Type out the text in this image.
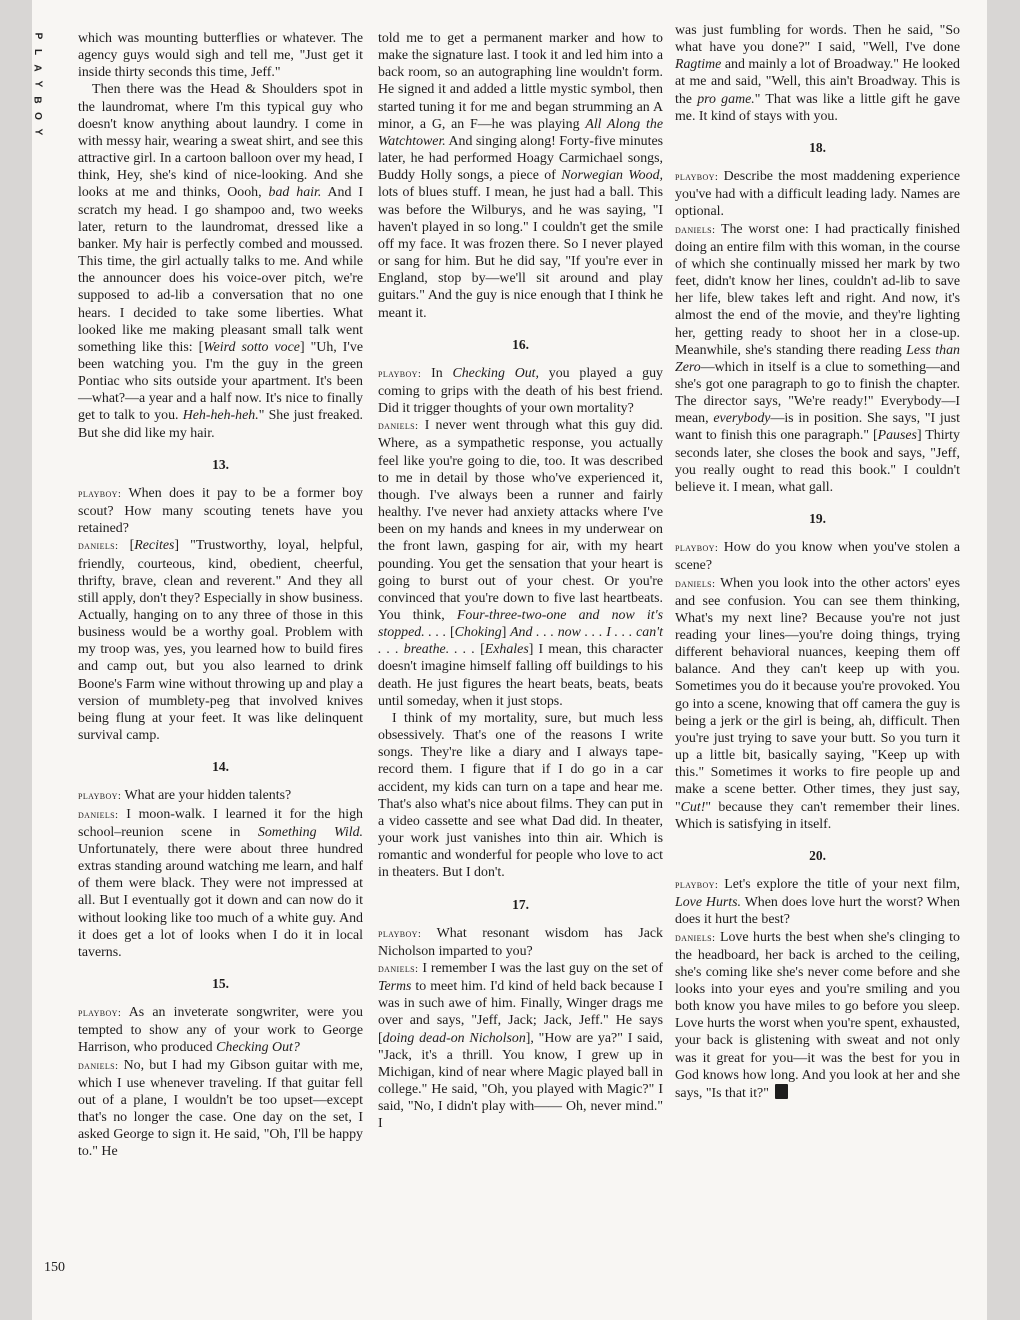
P
L
A
Y
B
O
Y
150

which was mounting butterflies or whatever. The agency guys would sigh and tell me, "Just get it inside thirty seconds this time, Jeff."

Then there was the Head & Shoulders spot in the laundromat, where I'm this typical guy who doesn't know anything about laundry. I come in with messy hair, wearing a sweat shirt, and see this attractive girl. In a cartoon balloon over my head, I think, Hey, she's kind of nice-looking. And she looks at me and thinks, Oooh, bad hair. And I scratch my head. I go shampoo and, two weeks later, return to the laundromat, dressed like a banker. My hair is perfectly combed and moussed. This time, the girl actually talks to me. And while the announcer does his voice-over pitch, we're supposed to ad-lib a conversation that no one hears. I decided to take some liberties. What looked like me making pleasant small talk went something like this: [Weird sotto voce] "Uh, I've been watching you. I'm the guy in the green Pontiac who sits outside your apartment. It's been—what?—a year and a half now. It's nice to finally get to talk to you. Heh-heh-heh." She just freaked. But she did like my hair.

13.

playboy: When does it pay to be a former boy scout? How many scouting tenets have you retained?

daniels: [Recites] "Trustworthy, loyal, helpful, friendly, courteous, kind, obedient, cheerful, thrifty, brave, clean and reverent." And they all still apply, don't they? Especially in show business. Actually, hanging on to any three of those in this business would be a worthy goal. Problem with my troop was, yes, you learned how to build fires and camp out, but you also learned to drink Boone's Farm wine without throwing up and play a version of mumblety-peg that involved knives being flung at your feet. It was like delinquent survival camp.

14.

playboy: What are your hidden talents?

daniels: I moon-walk. I learned it for the high school–reunion scene in Something Wild. Unfortunately, there were about three hundred extras standing around watching me learn, and half of them were black. They were not impressed at all. But I eventually got it down and can now do it without looking like too much of a white guy. And it does get a lot of looks when I do it in local taverns.

15.

playboy: As an inveterate songwriter, were you tempted to show any of your work to George Harrison, who produced Checking Out?

daniels: No, but I had my Gibson guitar with me, which I use whenever traveling. If that guitar fell out of a plane, I wouldn't be too upset—except that's no longer the case. One day on the set, I asked George to sign it. He said, "Oh, I'll be happy to." He

told me to get a permanent marker and how to make the signature last. I took it and led him into a back room, so an autographing line wouldn't form. He signed it and added a little mystic symbol, then started tuning it for me and began strumming an A minor, a G, an F—he was playing All Along the Watchtower. And singing along! Forty-five minutes later, he had performed Hoagy Carmichael songs, Buddy Holly songs, a piece of Norwegian Wood, lots of blues stuff. I mean, he just had a ball. This was before the Wilburys, and he was saying, "I haven't played in so long." I couldn't get the smile off my face. It was frozen there. So I never played or sang for him. But he did say, "If you're ever in England, stop by—we'll sit around and play guitars." And the guy is nice enough that I think he meant it.

16.

playboy: In Checking Out, you played a guy coming to grips with the death of his best friend. Did it trigger thoughts of your own mortality?

daniels: I never went through what this guy did. Where, as a sympathetic response, you actually feel like you're going to die, too. It was described to me in detail by those who've experienced it, though. I've always been a runner and fairly healthy. I've never had anxiety attacks where I've been on my hands and knees in my underwear on the front lawn, gasping for air, with my heart pounding. You get the sensation that your heart is going to burst out of your chest. Or you're convinced that you're down to five last heartbeats. You think, Four-three-two-one and now it's stopped. . . . [Choking] And . . . now . . . I . . . can't . . . breathe. . . . [Exhales] I mean, this character doesn't imagine himself falling off buildings to his death. He just figures the heart beats, beats, beats until someday, when it just stops.

I think of my mortality, sure, but much less obsessively. That's one of the reasons I write songs. They're like a diary and I always tape-record them. I figure that if I do go in a car accident, my kids can turn on a tape and hear me. That's also what's nice about films. They can put in a video cassette and see what Dad did. In theater, your work just vanishes into thin air. Which is romantic and wonderful for people who love to act in theaters. But I don't.

17.

playboy: What resonant wisdom has Jack Nicholson imparted to you?

daniels: I remember I was the last guy on the set of Terms to meet him. I'd kind of held back because I was in such awe of him. Finally, Winger drags me over and says, "Jeff, Jack; Jack, Jeff." He says [doing dead-on Nicholson], "How are ya?" I said, "Jack, it's a thrill. You know, I grew up in Michigan, kind of near where Magic played ball in college." He said, "Oh, you played with Magic?" I said, "No, I didn't play with—— Oh, never mind." I

was just fumbling for words. Then he said, "So what have you done?" I said, "Well, I've done Ragtime and mainly a lot of Broadway." He looked at me and said, "Well, this ain't Broadway. This is the pro game." That was like a little gift he gave me. It kind of stays with you.

18.

playboy: Describe the most maddening experience you've had with a difficult leading lady. Names are optional.

daniels: The worst one: I had practically finished doing an entire film with this woman, in the course of which she continually missed her mark by two feet, didn't know her lines, couldn't ad-lib to save her life, blew takes left and right. And now, it's almost the end of the movie, and they're lighting her, getting ready to shoot her in a close-up. Meanwhile, she's standing there reading Less than Zero—which in itself is a clue to something—and she's got one paragraph to go to finish the chapter. The director says, "We're ready!" Everybody—I mean, everybody—is in position. She says, "I just want to finish this one paragraph." [Pauses] Thirty seconds later, she closes the book and says, "Jeff, you really ought to read this book." I couldn't believe it. I mean, what gall.

19.

playboy: How do you know when you've stolen a scene?

daniels: When you look into the other actors' eyes and see confusion. You can see them thinking, What's my next line? Because you're not just reading your lines—you're doing things, trying different behavioral nuances, keeping them off balance. And they can't keep up with you. Sometimes you do it because you're provoked. You go into a scene, knowing that off camera the guy is being a jerk or the girl is being, ah, difficult. Then you're just trying to save your butt. So you turn it up a little bit, basically saying, "Keep up with this." Sometimes it works to fire people up and make a scene better. Other times, they just say, "Cut!" because they can't remember their lines. Which is satisfying in itself.

20.

playboy: Let's explore the title of your next film, Love Hurts. When does love hurt the worst? When does it hurt the best?

daniels: Love hurts the best when she's clinging to the headboard, her back is arched to the ceiling, she's coming like she's never come before and she looks into your eyes and you're smiling and you both know you have miles to go before you sleep. Love hurts the worst when you're spent, exhausted, your back is glistening with sweat and not only was it great for you—it was the best for you in God knows how long. And you look at her and she says, "Is that it?"
